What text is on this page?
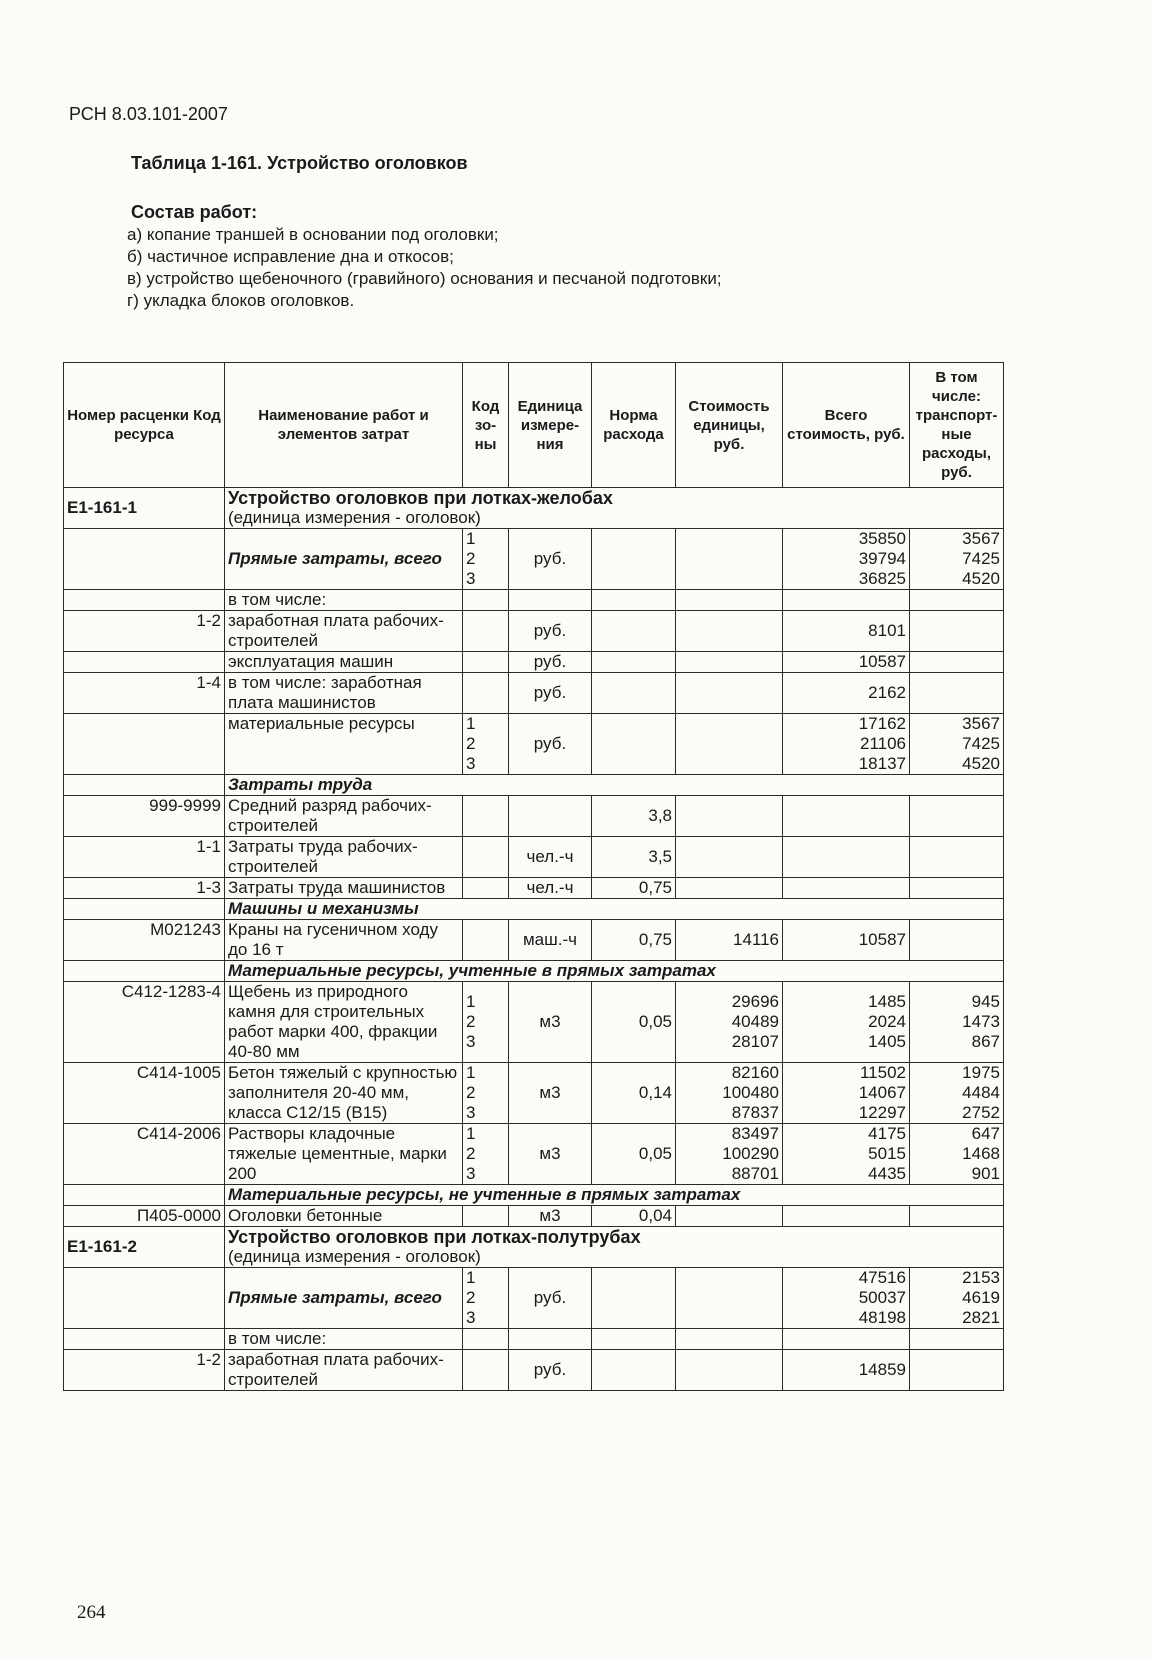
РСН 8.03.101-2007
Таблица 1-161. Устройство оголовков
Состав работ:
а) копание траншей в основании под оголовки;
б) частичное исправление дна и откосов;
в) устройство щебеночного (гравийного) основания и песчаной подготовки;
г) укладка блоков оголовков.
Номер расценки Код ресурса	Наименование работ и элементов затрат	Код зо-ны	Единица измере-ния	Норма расхода	Стоимость единицы, руб.	Всего стоимость, руб.	В том числе: транспорт-ные расходы, руб.
Е1-161-1	Устройство оголовков при лотках-желобах
(единица измерения - оголовок)						

	Прямые затраты, всего	1
2
3	руб.			35850
39794
36825	3567
7425
4520
	в том числе:						
1-2	заработная плата рабочих-строителей		руб.			8101	
	эксплуатация машин		руб.			10587	
1-4	в том числе: заработная плата машинистов		руб.			2162	
	материальные ресурсы	1
2
3	руб.			17162
21106
18137	3567
7425
4520
	Затраты труда						
999-9999	Средний разряд рабочих-строителей			3,8			
1-1	Затраты труда рабочих-строителей		чел.-ч	3,5			
1-3	Затраты труда машинистов		чел.-ч	0,75			
	Машины и механизмы						
М021243	Краны на гусеничном ходу до 16 т		маш.-ч	0,75	14116	10587	
	Материальные ресурсы, учтенные в прямых затратах						
С412-1283-4	Щебень из природного камня для строительных работ марки 400, фракции 40-80 мм	1
2
3	м3	0,05	29696
40489
28107	1485
2024
1405	945
1473
867
С414-1005	Бетон тяжелый с крупностью заполнителя 20-40 мм, класса С12/15 (В15)	1
2
3	м3	0,14	82160
100480
87837	11502
14067
12297	1975
4484
2752
С414-2006	Растворы кладочные тяжелые цементные, марки 200	1
2
3	м3	0,05	83497
100290
88701	4175
5015
4435	647
1468
901
	Материальные ресурсы, не учтенные в прямых затратах						
П405-0000	Оголовки бетонные		м3	0,04			
Е1-161-2	Устройство оголовков при лотках-полутрубах
(единица измерения - оголовок)						

	Прямые затраты, всего	1
2
3	руб.			47516
50037
48198	2153
4619
2821
	в том числе:						
1-2	заработная плата рабочих-строителей		руб.			14859	
264
